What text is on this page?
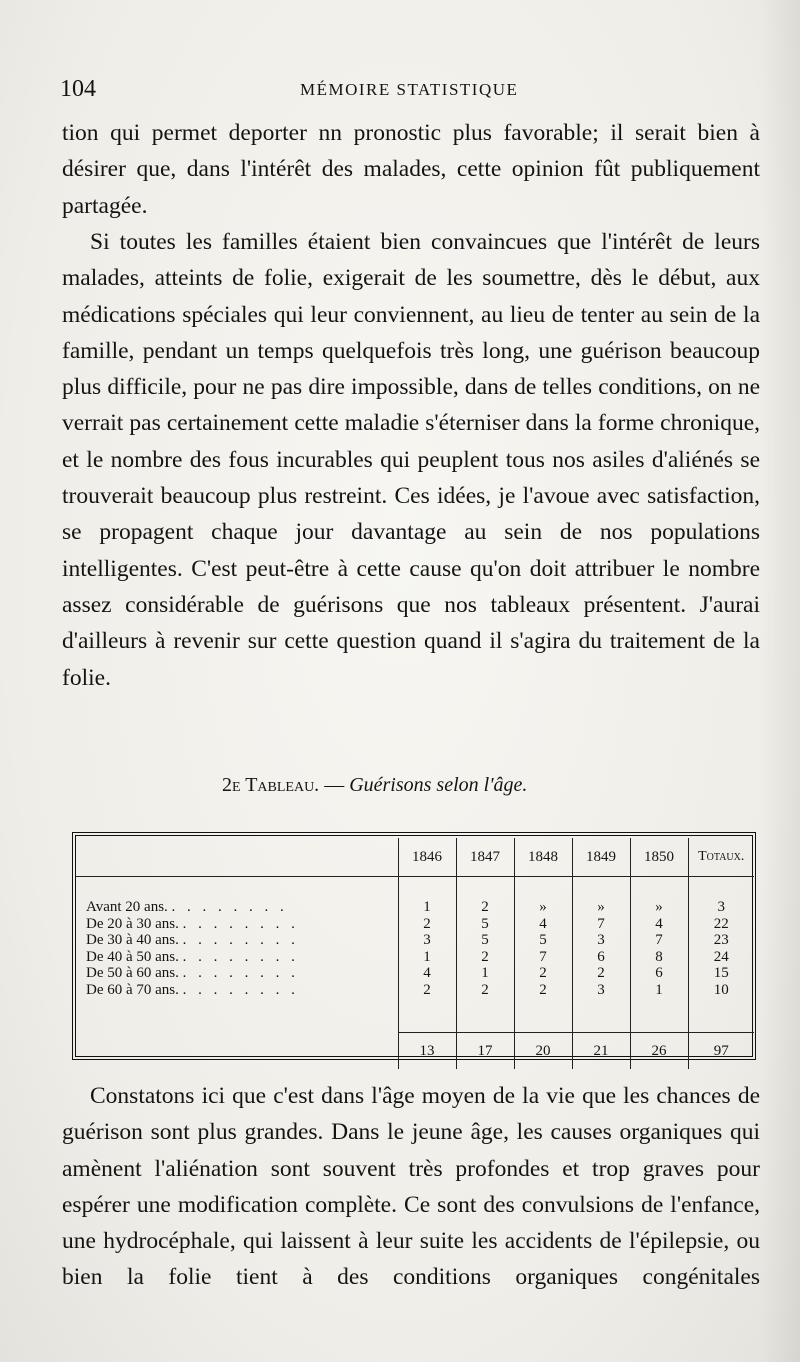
104	MÉMOIRE STATISTIQUE

tion qui permet deporter nn pronostic plus favorable; il serait bien à désirer que, dans l'intérêt des malades, cette opinion fût publiquement partagée.

Si toutes les familles étaient bien convaincues que l'intérêt de leurs malades, atteints de folie, exigerait de les soumettre, dès le début, aux médications spéciales qui leur conviennent, au lieu de tenter au sein de la famille, pendant un temps quelquefois très long, une guérison beaucoup plus difficile, pour ne pas dire impossible, dans de telles conditions, on ne verrait pas certainement cette maladie s'éterniser dans la forme chronique, et le nombre des fous incurables qui peuplent tous nos asiles d'aliénés se trouverait beaucoup plus restreint. Ces idées, je l'avoue avec satisfaction, se propagent chaque jour davantage au sein de nos populations intelligentes. C'est peut-être à cette cause qu'on doit attribuer le nombre assez considérable de guérisons que nos tableaux présentent. J'aurai d'ailleurs à revenir sur cette question quand il s'agira du traitement de la folie.

2e Tableau. — Guérisons selon l'âge.
	1846	1847	1848	1849	1850	Totaux.

Avant 20 ans. . . . . . . . .	1	2	»	»	»	3
De 20 à 30 ans. . . . . . . . .	2	5	4	7	4	22
De 30 à 40 ans. . . . . . . . .	3	5	5	3	7	23
De 40 à 50 ans. . . . . . . . .	1	2	7	6	8	24
De 50 à 60 ans. . . . . . . . .	4	1	2	2	6	15
De 60 à 70 ans. . . . . . . . .	2	2	2	3	1	10

	13	17	20	21	26	97

Constatons ici que c'est dans l'âge moyen de la vie que les chances de guérison sont plus grandes. Dans le jeune âge, les causes organiques qui amènent l'aliénation sont souvent très profondes et trop graves pour espérer une modification complète. Ce sont des convulsions de l'enfance, une hydrocéphale, qui laissent à leur suite les accidents de l'épilepsie, ou bien la folie tient à des conditions organiques congénitales
